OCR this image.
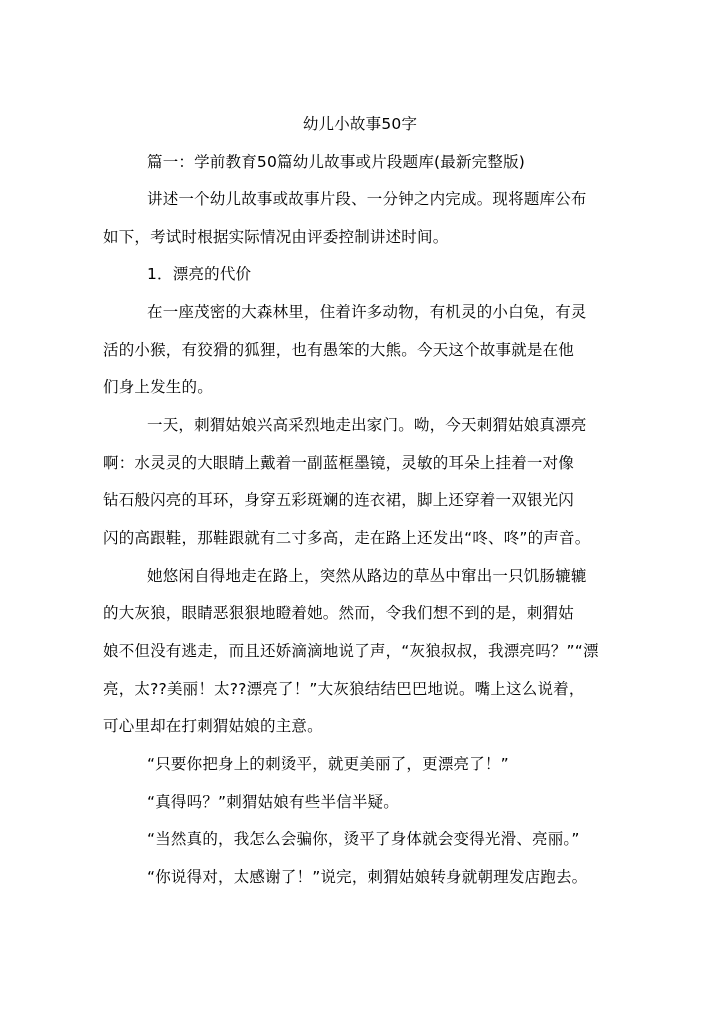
幼儿小故事50字
篇一：学前教育50篇幼儿故事或片段题库(最新完整版)
讲述一个幼儿故事或故事片段、一分钟之内完成。现将题库公布
如下，考试时根据实际情况由评委控制讲述时间。
1．漂亮的代价
在一座茂密的大森林里，住着许多动物，有机灵的小白兔，有灵
活的小猴，有狡猾的狐狸，也有愚笨的大熊。今天这个故事就是在他
们身上发生的。
一天，刺猬姑娘兴高采烈地走出家门。呦，今天刺猬姑娘真漂亮
啊：水灵灵的大眼睛上戴着一副蓝框墨镜，灵敏的耳朵上挂着一对像
钻石般闪亮的耳环，身穿五彩斑斓的连衣裙，脚上还穿着一双银光闪
闪的高跟鞋，那鞋跟就有二寸多高，走在路上还发出“咚、咚”的声音。
她悠闲自得地走在路上，突然从路边的草丛中窜出一只饥肠辘辘
的大灰狼，眼睛恶狠狠地瞪着她。然而，令我们想不到的是，刺猬姑
娘不但没有逃走，而且还娇滴滴地说了声，“灰狼叔叔，我漂亮吗？”“漂
亮，太??美丽！太??漂亮了！”大灰狼结结巴巴地说。嘴上这么说着，
可心里却在打刺猬姑娘的主意。
“只要你把身上的刺烫平，就更美丽了，更漂亮了！”
“真得吗？”刺猬姑娘有些半信半疑。
“当然真的，我怎么会骗你，烫平了身体就会变得光滑、亮丽。”
“你说得对，太感谢了！”说完，刺猬姑娘转身就朝理发店跑去。
